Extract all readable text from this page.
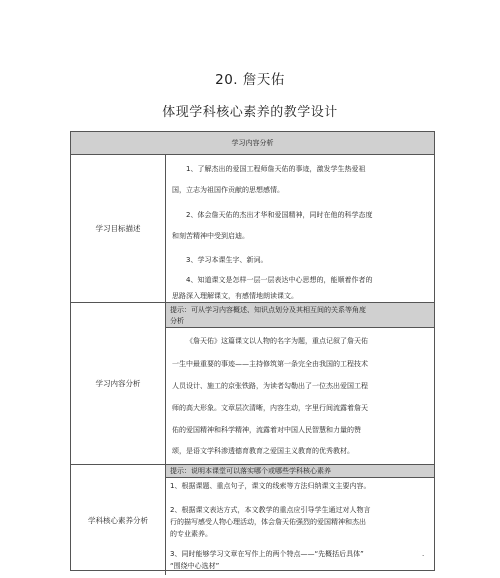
20. 詹天佑
体现学科核心素养的教学设计
学习内容分析
学习目标描述
1、了解杰出的爱国工程师詹天佑的事迹，激发学生热爱祖
国，立志为祖国作贡献的思想感情。
2、体会詹天佑的杰出才华和爱国精神，同时在他的科学态度
和刻苦精神中受到启迪。
3、学习本课生字、新词。
4、知道课文是怎样一层一层表达中心思想的，能顺着作者的
思路深入理解课文，有感情地朗读课文。
学习内容分析
提示：可从学习内容概述、知识点划分及其相互间的关系等角度
分析
《詹天佑》这篇课文以人物的名字为题，重点记叙了詹天佑
一生中最重要的事迹——主持修筑第一条完全由我国的工程技术
人员设计、施工的京张铁路，为读者勾勒出了一位杰出爱国工程
师的高大形象。文章层次清晰，内容生动，字里行间流露着詹天
佑的爱国精神和科学精神，流露着对中国人民智慧和力量的赞
颂，是语文学科渗透德育教育之爱国主义教育的优秀教材。
学科核心素养分析
提示：说明本课堂可以落实哪个或哪些学科核心素养
1、根据课题、重点句子，课文的线索等方法归纳课文主要内容。
2、根据课文表达方式，本文教学的重点应引导学生通过对人物言
行的描写感受人物心理活动，体会詹天佑强烈的爱国精神和杰出
的专业素养。
3、同时能够学习文章在写作上的两个特点——“先概括后具体”
“围绕中心选材”
.
